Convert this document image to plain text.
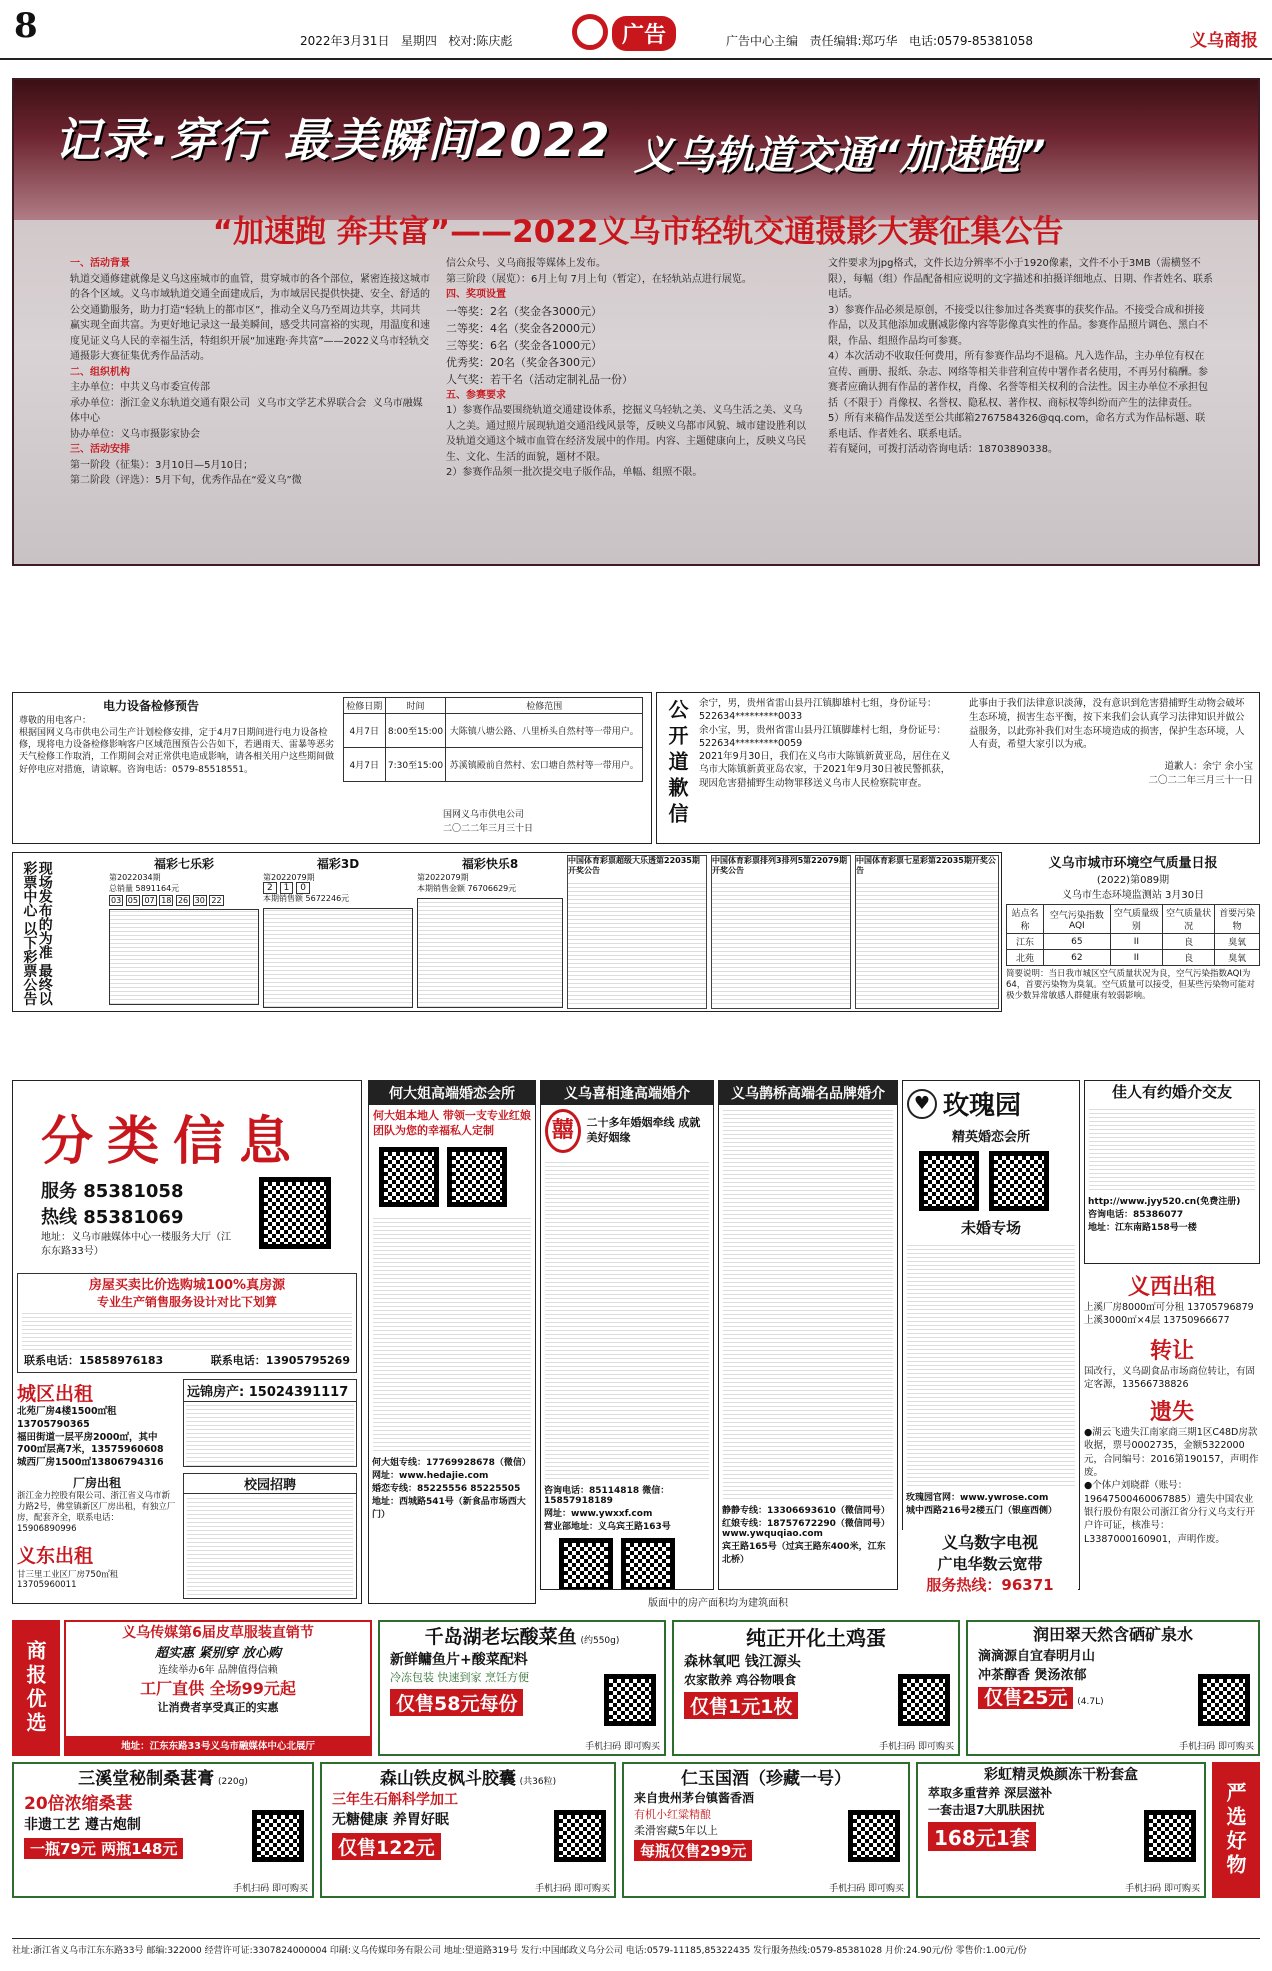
8	2022年3月31日 星期四 校对:陈庆彪	广告	广告中心主编 责任编辑:郑巧华 电话:0579-85381058	义乌商报
记录·穿行 最美瞬间2022 义乌轨道交通“加速跑”
“加速跑 奔共富”——2022义乌市轻轨交通摄影大赛征集公告
一、活动背景
轨道交通修建就像是义乌这座城市的血管，贯穿城市的各个部位，紧密连接这城市的各个区域。义乌市域轨道交通全面建成后，为市域居民提供快捷、安全、舒适的公交通勤服务，助力打造“轻轨上的都市区”，推动全义乌乃至周边共享，共同共赢实现全面共富。为更好地记录这一最美瞬间，感受共同富裕的实现，用温度和速度见证义乌人民的幸福生活，特组织开展“加速跑·奔共富”——2022义乌市轻轨交通摄影大赛征集优秀作品活动。
二、组织机构
主办单位：中共义乌市委宣传部
承办单位：浙江金义东轨道交通有限公司  义乌市文学艺术界联合会  义乌市融媒体中心
协办单位：义乌市摄影家协会
三、活动安排
第一阶段（征集）：3月10日—5月10日；
第二阶段（评选）：5月下旬，优秀作品在“爱义乌”微
信公众号、义乌商报等媒体上发布。
第三阶段（展览）：6月上旬 7月上旬（暂定），在轻轨站点进行展览。
四、奖项设置
一等奖：2名（奖金各3000元）
二等奖：4名（奖金各2000元）
三等奖：6名（奖金各1000元）
优秀奖：20名（奖金各300元）
人气奖：若干名（活动定制礼品一份）
五、参赛要求
1）参赛作品要围绕轨道交通建设体系，挖掘义乌轻轨之美、义乌生活之美、义乌人之美。通过照片展现轨道交通沿线风景等，反映义乌都市风貌、城市建设胜利以及轨道交通这个城市血管在经济发展中的作用。内容、主题健康向上，反映义乌民生、文化、生活的面貌，题材不限。
2）参赛作品须一批次提交电子版作品，单幅、组照不限。
文件要求为jpg格式，文件长边分辨率不小于1920像素，文件不小于3MB（需横竖不限），每幅（组）作品配备相应说明的文字描述和拍摄详细地点、日期、作者姓名、联系电话。
3）参赛作品必须是原创，不接受以往参加过各类赛事的获奖作品。不接受合成和拼接作品，以及其他添加或删减影像内容等影像真实性的作品。参赛作品照片调色、黑白不限，作品、组照作品均可参赛。
4）本次活动不收取任何费用，所有参赛作品均不退稿。凡入选作品，主办单位有权在宣传、画册、报纸、杂志、网络等相关非营利宣传中署作者名使用，不再另付稿酬。参赛者应确认拥有作品的著作权，肖像、名誉等相关权利的合法性。因主办单位不承担包括（不限于）肖像权、名誉权、隐私权、著作权、商标权等纠纷而产生的法律责任。
5）所有来稿作品发送至公共邮箱2767584326@qq.com，命名方式为作品标题、联系电话、作者姓名、联系电话。
若有疑问，可拨打活动咨询电话：18703890338。
电力设备检修预告
尊敬的用电客户：
根据国网义乌市供电公司生产计划检修安排，定于4月7日期间进行电力设备检修，现将电力设备检修影响客户区域范围预告公告如下，若遇雨天、雷暴等恶劣天气检修工作取消，工作期间会对正常供电造成影响，请各相关用户这些期间做好停电应对措施，请谅解。咨询电话：0579-85518551。
检修日期	时间	检修范围
4月7日	8:00至15:00	大陈镇八塘公路、八里桥头自然村等一带用户。
4月7日	7:30至15:00	苏溪镇殿前自然村、宏口塘自然村等一带用户。
国网义乌市供电公司
二〇二二年三月三十日	公开道歉信	余宁，男，贵州省雷山县丹江镇脚雄村七组，身份证号：522634*********0033
余小宝，男，贵州省雷山县丹江镇脚雄村七组，身份证号：522634*********0059
2021年9月30日，我们在义乌市大陈镇新黄亚岛，居住在义乌市大陈镇新黄亚岛农家，于2021年9月30日被民警抓获，现因危害猎捕野生动物罪移送义乌市人民检察院审查。
此事由于我们法律意识淡薄，没有意识到危害猎捕野生动物会破坏生态环境，损害生态平衡，按下来我们会认真学习法律知识并做公益服务，以此弥补我们对生态环境造成的损害，保护生态环境，人人有责，希望大家引以为戒。
道歉人：余宁 余小宝
二〇二二年三月三十一日
现场发布的为准 最终以彩票中心 以下彩票公告	福彩七乐彩
第2022034期
总销量 5891164元
03 05 07 18 26 30 22
福彩3D
第2022079期
2 1 0
本期销售额 5672246元
福彩快乐8
第2022079期
本期销售金额 76706629元
中国体育彩票超级大乐透第22035期开奖公告
中国体育彩票排列3排列5第22079期开奖公告
中国体育彩票七星彩第22035期开奖公告	义乌市城市环境空气质量日报
(2022)第089期
义乌市生态环境监测站 3月30日
站点名称	空气污染指数AQI	空气质量级别	空气质量状况	首要污染物
江东	65	II	良	臭氧
北苑	62	II	良	臭氧
简要说明：当日我市城区空气质量状况为良，空气污染指数AQI为64，首要污染物为臭氧。空气质量可以接受，但某些污染物可能对极少数异常敏感人群健康有较弱影响。
分类信息
服务 85381058
热线 85381069
地址：义乌市融媒体中心一楼服务大厅（江东东路33号）
房屋买卖比价选购城100%真房源
专业生产销售服务设计对比下划算
联系电话：15858976183	联系电话：13905795269
城区出租
北苑厂房4楼1500㎡租13705790365
福田街道一层平房2000㎡，其中700㎡层高7米，13575960608
城西厂房1500㎡13806794316
厂房出租
浙江金力控股有限公司、浙江省义乌市新力路2号，佛堂镇新区厂房出租，有独立厂房，配套齐全，联系电话：15906890996
义东出租
甘三里工业区厂房750㎡租13705960011
远锦房产: 15024391117
校园招聘
何大姐高端婚恋会所
何大姐本地人 带领一支专业红娘团队为您的幸福私人定制
何大姐专线：17769928678（微信）
网址：www.hedajie.com
婚恋专线：85225556 85225505
地址：西城路541号（新食品市场西大门）
义乌喜相逢高端婚介
囍	二十多年婚姻牵线 成就美好姻缘
咨询电话：85114818 微信：15857918189
网址：www.ywxxf.com
营业部地址：义乌宾王路163号
义乌鹊桥高端名品牌婚介
静静专线：13306693610（微信同号）
红娘专线：18757672290（微信同号）
www.ywquqiao.com
宾王路165号（过宾王路东400米，江东北桥）
♥ 玫瑰园
精英婚恋会所
未婚专场
玫瑰园官网：www.ywrose.com
城中西路216号2楼五门（银座西侧）
佳人有约婚介交友
http://www.jyy520.cn(免费注册)
咨询电话：85386077
地址：江东南路158号一楼
义西出租
上溪厂房8000㎡可分租 13705796879
上溪3000㎡×4层 13750966677
转让
国改行，义乌副食品市场商位转让，有固定客源，13566738826
遗失
●湖云飞遗失江南家商三期1区C48D房款收据，票号0002735，金额5322000元，合同编号：2016第190157，声明作废。
●个体户刘晓群（账号：19647500460067885）遗失中国农业银行股份有限公司浙江省分行义乌支行开户许可证，核准号：L3387000160901，声明作废。
义乌数字电视
广电华数云宽带
服务热线：96371
版面中的房产面积均为建筑面积
商报优选
义乌传媒第6届皮草服装直销节
超实惠 紧别穿 放心购
连续举办6年 品牌值得信赖
工厂直供 全场99元起
让消费者享受真正的实惠
地址：江东东路33号义乌市融媒体中心北展厅
千岛湖老坛酸菜鱼 (约550g)
新鲜鳙鱼片+酸菜配料
冷冻包装 快速到家 烹饪方便
仅售58元每份
手机扫码 即可购买
纯正开化土鸡蛋
森林氧吧 钱江源头
农家散养 鸡谷物喂食
仅售1元1枚
手机扫码 即可购买
润田翠天然含硒矿泉水
滴滴源自宜春明月山
冲茶醇香 煲汤浓郁
仅售25元 (4.7L)
手机扫码 即可购买
三溪堂秘制桑葚膏 (220g)
20倍浓缩桑葚
非遗工艺 遵古炮制
一瓶79元 两瓶148元
手机扫码 即可购买
森山铁皮枫斗胶囊 (共36粒)
三年生石斛科学加工
无糖健康 养胃好眠
仅售122元
手机扫码 即可购买
仁玉国酒（珍藏一号）
来自贵州茅台镇酱香酒
有机小红粱精酿
柔滑窖藏5年以上
每瓶仅售299元
手机扫码 即可购买
彩虹精灵焕颜冻干粉套盒
萃取多重营养 深层滋补
一套击退7大肌肤困扰
168元1套
手机扫码 即可购买
严选好物
社址:浙江省义乌市江东东路33号 邮编:322000 经营许可证:3307824000004 印刷:义乌传媒印务有限公司 地址:望道路319号 发行:中国邮政义乌分公司 电话:0579-11185,85322435 发行服务热线:0579-85381028 月价:24.90元/份 零售价:1.00元/份
